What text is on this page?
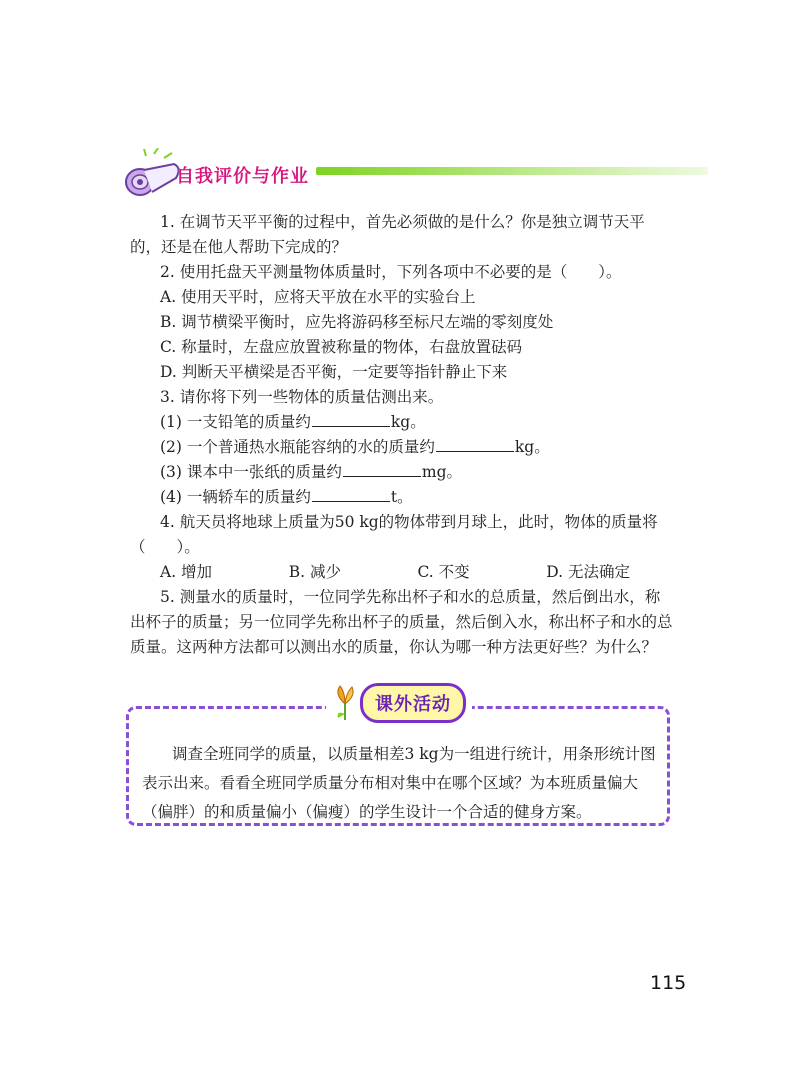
自我评价与作业

1. 在调节天平平衡的过程中，首先必须做的是什么？你是独立调节天平的，还是在他人帮助下完成的？

2. 使用托盘天平测量物体质量时，下列各项中不必要的是（　　）。

A. 使用天平时，应将天平放在水平的实验台上

B. 调节横梁平衡时，应先将游码移至标尺左端的零刻度处

C. 称量时，左盘应放置被称量的物体，右盘放置砝码

D. 判断天平横梁是否平衡，一定要等指针静止下来

3. 请你将下列一些物体的质量估测出来。

(1) 一支铅笔的质量约	kg。

(2) 一个普通热水瓶能容纳的水的质量约	kg。

(3) 课本中一张纸的质量约	mg。

(4) 一辆轿车的质量约	t。

4. 航天员将地球上质量为50 kg的物体带到月球上，此时，物体的质量将（　　）。

A. 增加	B. 减少	C. 不变	D. 无法确定

5. 测量水的质量时，一位同学先称出杯子和水的总质量，然后倒出水，称出杯子的质量；另一位同学先称出杯子的质量，然后倒入水，称出杯子和水的总质量。这两种方法都可以测出水的质量，你认为哪一种方法更好些？为什么？

课外活动

调查全班同学的质量，以质量相差3 kg为一组进行统计，用条形统计图表示出来。看看全班同学质量分布相对集中在哪个区域？为本班质量偏大（偏胖）的和质量偏小（偏瘦）的学生设计一个合适的健身方案。

115
